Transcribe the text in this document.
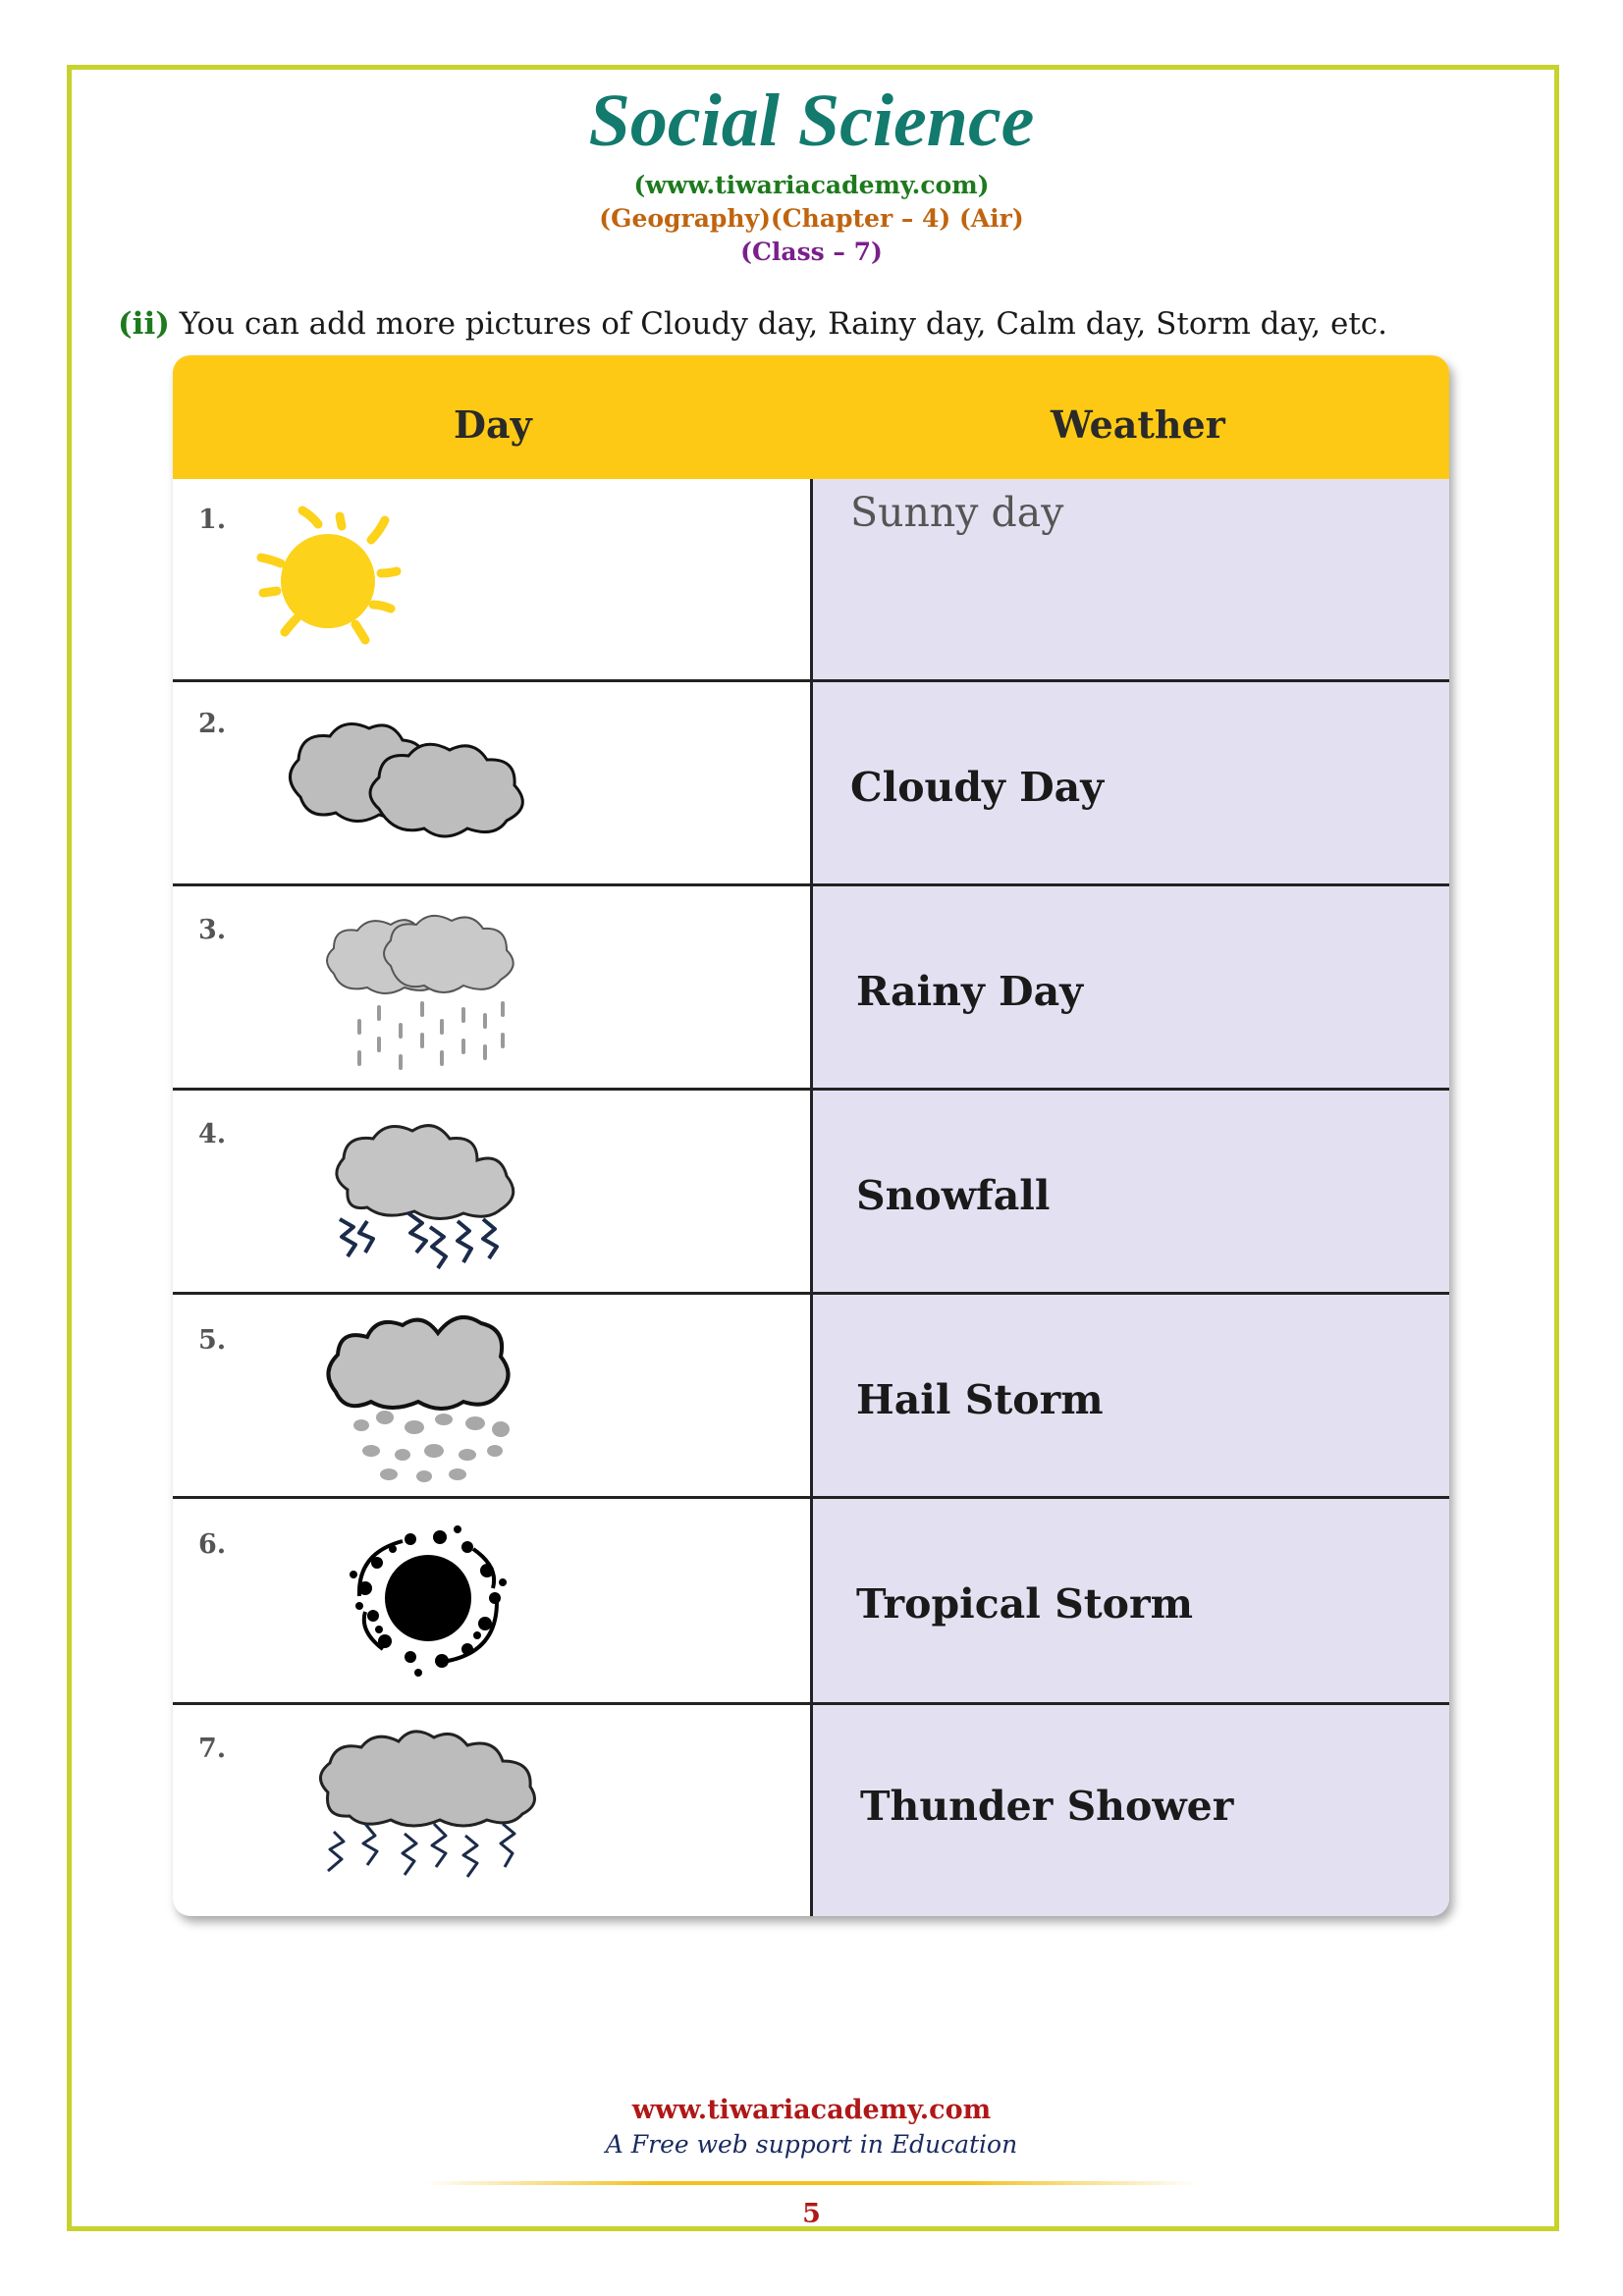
Social Science
(www.tiwariacademy.com)
(Geography)(Chapter – 4) (Air)
(Class – 7)
(ii) You can add more pictures of Cloudy day, Rainy day, Calm day, Storm day, etc.
Day	Weather
1.	Sunny day
2.
Cloudy Day
3.
Rainy Day
4.
Snowfall
5.
Hail Storm
6.
Tropical Storm
7.
Thunder Shower
www.tiwariacademy.com
A Free web support in Education
5
